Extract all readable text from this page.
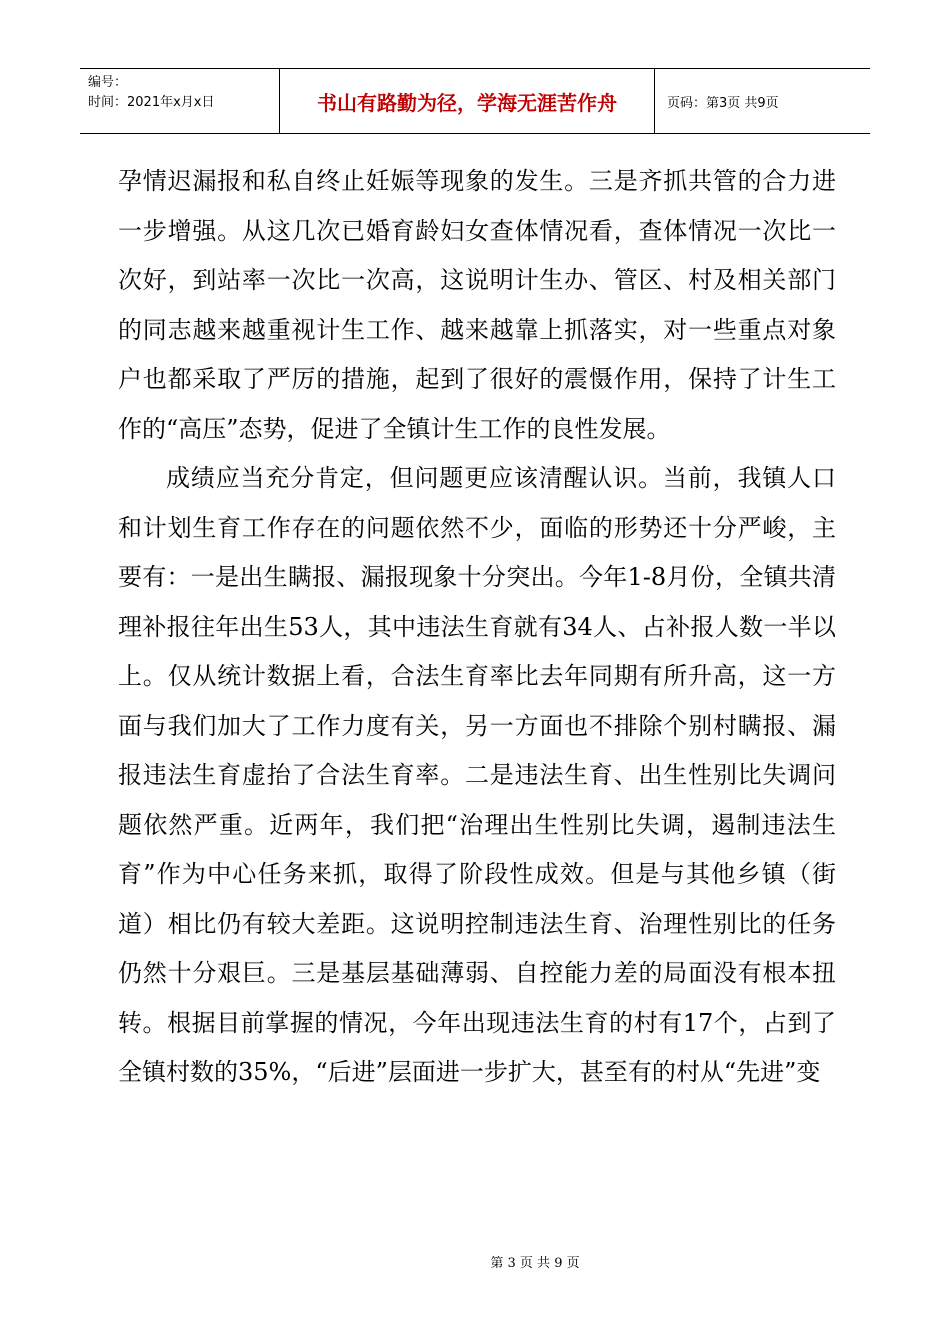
编号：
时间：2021年x月x日	书山有路勤为径，学海无涯苦作舟	页码：第3页 共9页

孕情迟漏报和私自终止妊娠等现象的发生。三是齐抓共管的合力进一步增强。从这几次已婚育龄妇女查体情况看，查体情况一次比一次好，到站率一次比一次高，这说明计生办、管区、村及相关部门的同志越来越重视计生工作、越来越靠上抓落实，对一些重点对象户也都采取了严厉的措施，起到了很好的震慑作用，保持了计生工作的“高压”态势，促进了全镇计生工作的良性发展。

成绩应当充分肯定，但问题更应该清醒认识。当前，我镇人口和计划生育工作存在的问题依然不少，面临的形势还十分严峻，主要有：一是出生瞒报、漏报现象十分突出。今年1-8月份，全镇共清理补报往年出生53人，其中违法生育就有34人、占补报人数一半以上。仅从统计数据上看，合法生育率比去年同期有所升高，这一方面与我们加大了工作力度有关，另一方面也不排除个别村瞒报、漏报违法生育虚抬了合法生育率。二是违法生育、出生性别比失调问题依然严重。近两年，我们把“治理出生性别比失调，遏制违法生育”作为中心任务来抓，取得了阶段性成效。但是与其他乡镇（街道）相比仍有较大差距。这说明控制违法生育、治理性别比的任务仍然十分艰巨。三是基层基础薄弱、自控能力差的局面没有根本扭转。根据目前掌握的情况，今年出现违法生育的村有17个，占到了全镇村数的35%，“后进”层面进一步扩大，甚至有的村从“先进”变

第 3 页 共 9 页
